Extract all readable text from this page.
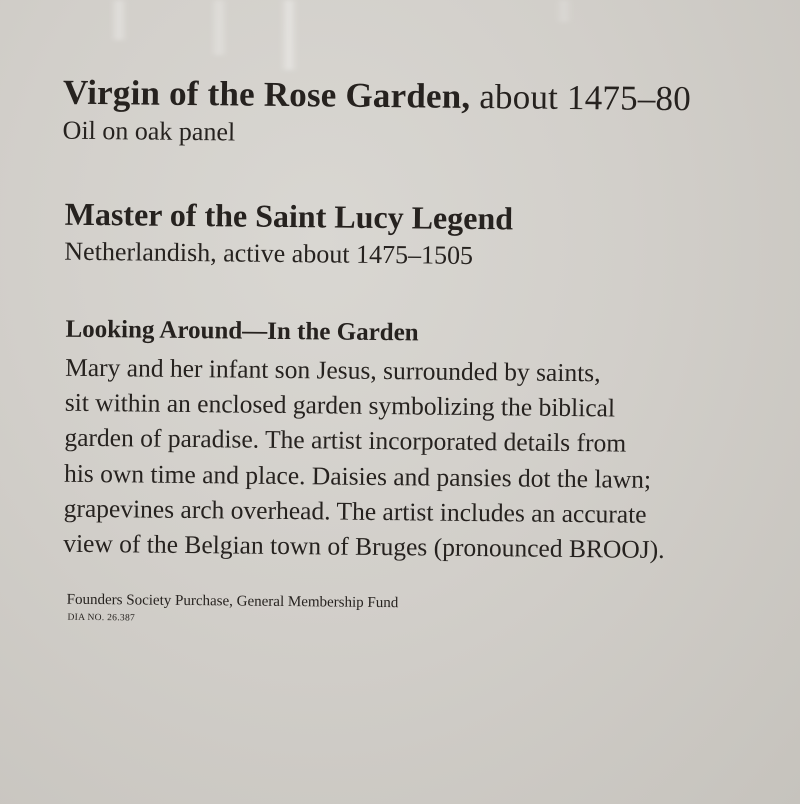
Virgin of the Rose Garden, about 1475–80

Oil on oak panel

Master of the Saint Lucy Legend

Netherlandish, active about 1475–1505

Looking Around—In the Garden

Mary and her infant son Jesus, surrounded by saints,
sit within an enclosed garden symbolizing the biblical
garden of paradise. The artist incorporated details from
his own time and place. Daisies and pansies dot the lawn;
grapevines arch overhead. The artist includes an accurate
view of the Belgian town of Bruges (pronounced BROOJ).

Founders Society Purchase, General Membership Fund

DIA NO. 26.387
